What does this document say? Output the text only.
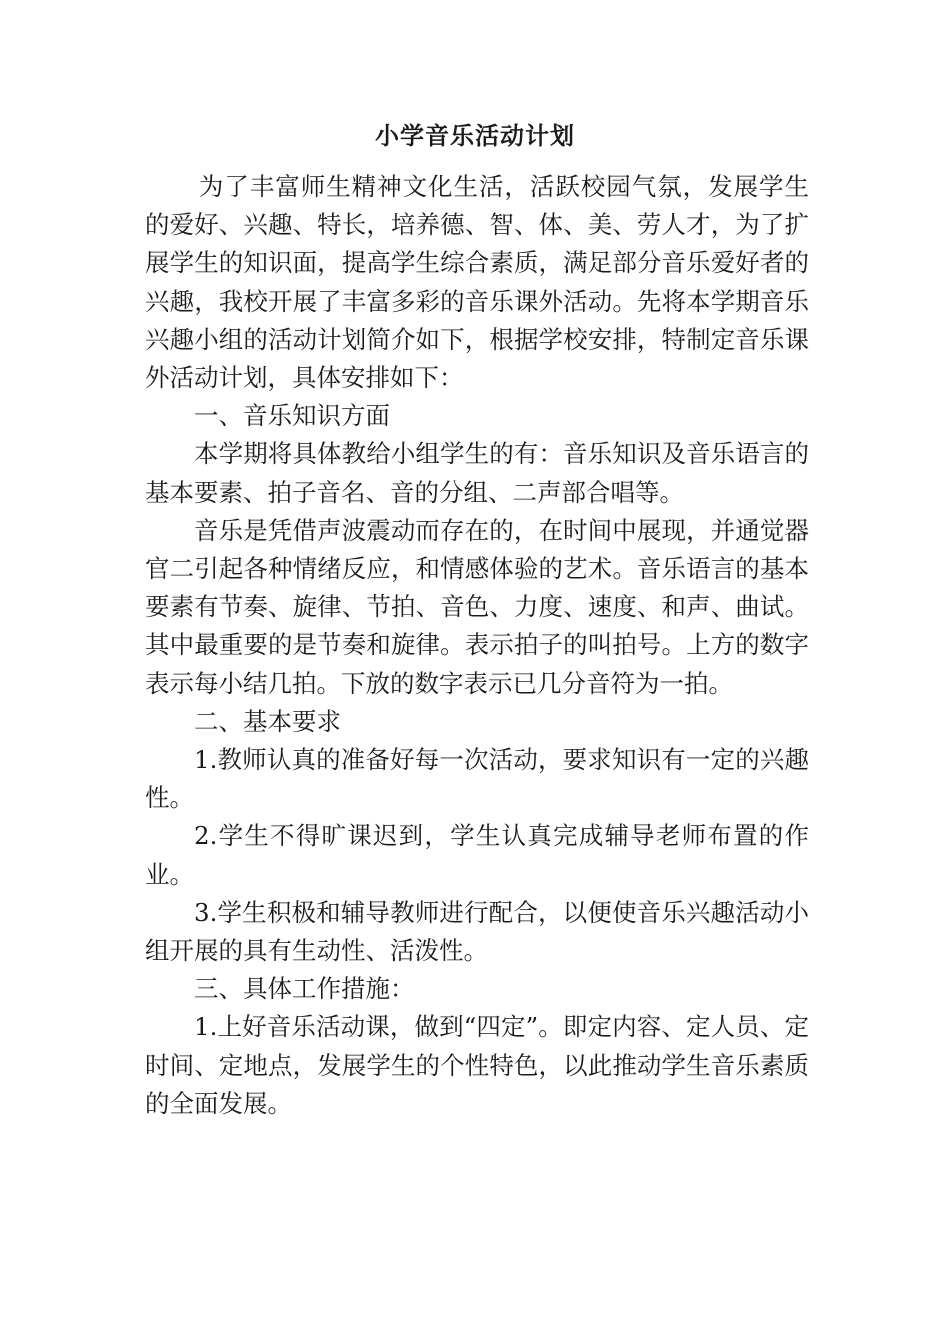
小学音乐活动计划

为了丰富师生精神文化生活，活跃校园气氛，发展学生的爱好、兴趣、特长，培养德、智、体、美、劳人才，为了扩展学生的知识面，提高学生综合素质，满足部分音乐爱好者的兴趣，我校开展了丰富多彩的音乐课外活动。先将本学期音乐兴趣小组的活动计划简介如下，根据学校安排，特制定音乐课外活动计划，具体安排如下：

一、音乐知识方面

本学期将具体教给小组学生的有：音乐知识及音乐语言的基本要素、拍子音名、音的分组、二声部合唱等。

音乐是凭借声波震动而存在的，在时间中展现，并通觉器官二引起各种情绪反应，和情感体验的艺术。音乐语言的基本要素有节奏、旋律、节拍、音色、力度、速度、和声、曲试。其中最重要的是节奏和旋律。表示拍子的叫拍号。上方的数字表示每小结几拍。下放的数字表示已几分音符为一拍。

二、基本要求

1.教师认真的准备好每一次活动，要求知识有一定的兴趣性。

2.学生不得旷课迟到，学生认真完成辅导老师布置的作业。

3.学生积极和辅导教师进行配合，以便使音乐兴趣活动小组开展的具有生动性、活泼性。

三、具体工作措施：

1.上好音乐活动课，做到“四定”。即定内容、定人员、定时间、定地点，发展学生的个性特色，以此推动学生音乐素质的全面发展。
